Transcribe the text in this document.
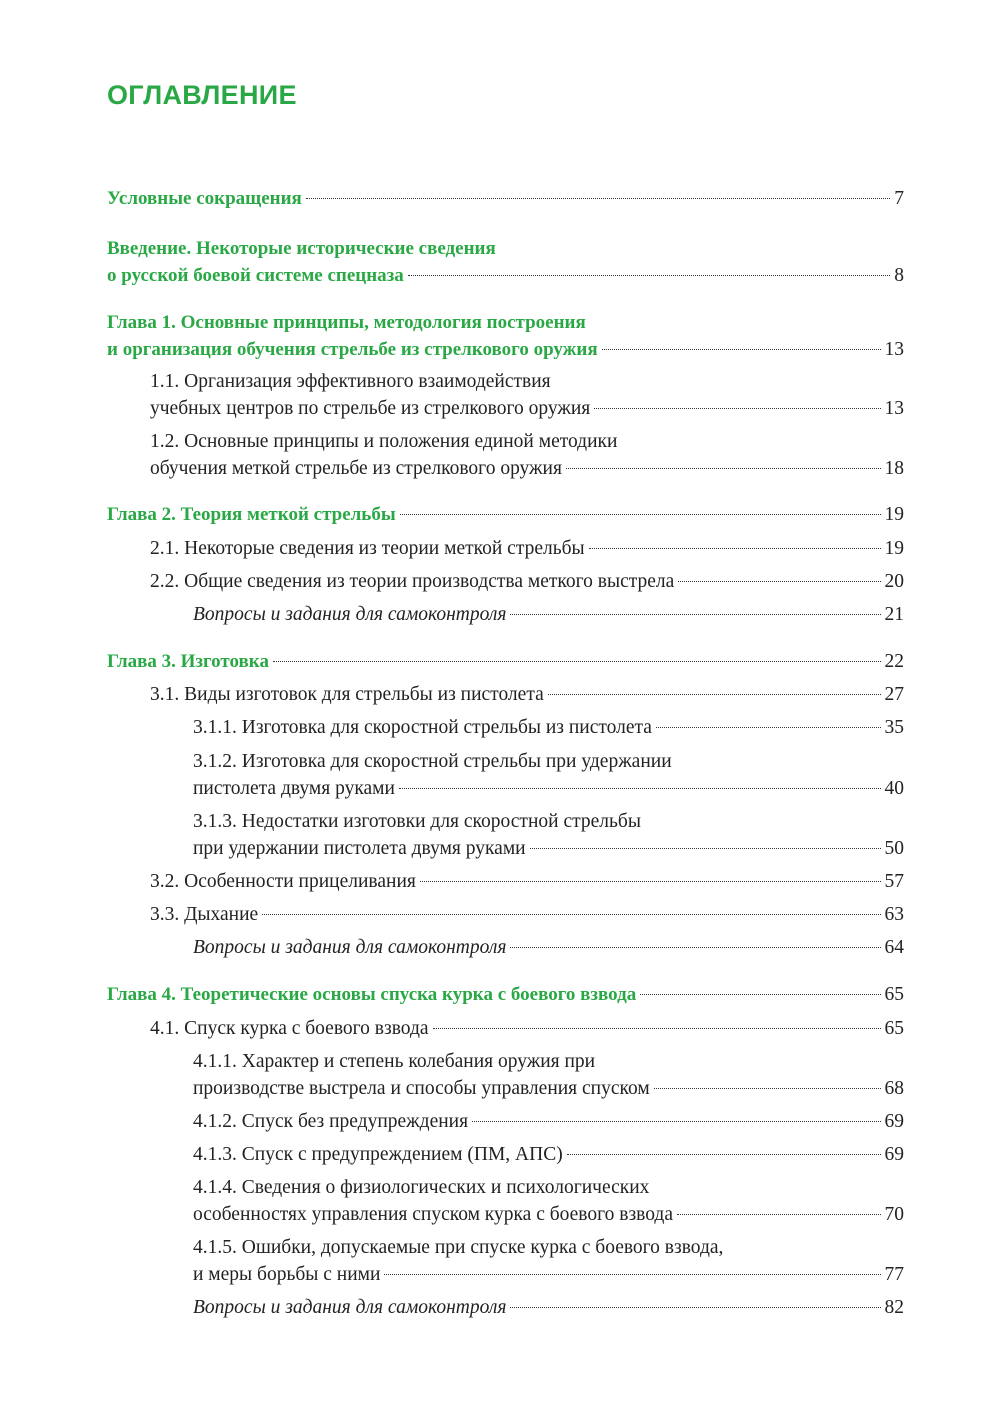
ОГЛАВЛЕНИЕ
Условные сокращения	7
Введение. Некоторые исторические сведения
о русской боевой системе спецназа	8
Глава 1. Основные принципы, методология построения
и организация обучения стрельбе из стрелкового оружия	13
1.1. Организация эффективного взаимодействия
учебных центров по стрельбе из стрелкового оружия	13
1.2. Основные принципы и положения единой методики
обучения меткой стрельбе из стрелкового оружия	18
Глава 2. Теория меткой стрельбы	19
2.1. Некоторые сведения из теории меткой стрельбы	19
2.2. Общие сведения из теории производства меткого выстрела	20
Вопросы и задания для самоконтроля	21
Глава 3. Изготовка	22
3.1. Виды изготовок для стрельбы из пистолета	27
3.1.1. Изготовка для скоростной стрельбы из пистолета	35
3.1.2. Изготовка для скоростной стрельбы при удержании
пистолета двумя руками	40
3.1.3. Недостатки изготовки для скоростной стрельбы
при удержании пистолета двумя руками	50
3.2. Особенности прицеливания	57
3.3. Дыхание	63
Вопросы и задания для самоконтроля	64
Глава 4. Теоретические основы спуска курка с боевого взвода	65
4.1. Спуск курка с боевого взвода	65
4.1.1. Характер и степень колебания оружия при
производстве выстрела и способы управления спуском	68
4.1.2. Спуск без предупреждения	69
4.1.3. Спуск с предупреждением (ПМ, АПС)	69
4.1.4. Сведения о физиологических и психологических
особенностях управления спуском курка с боевого взвода	70
4.1.5. Ошибки, допускаемые при спуске курка с боевого взвода,
и меры борьбы с ними	77
Вопросы и задания для самоконтроля	82
